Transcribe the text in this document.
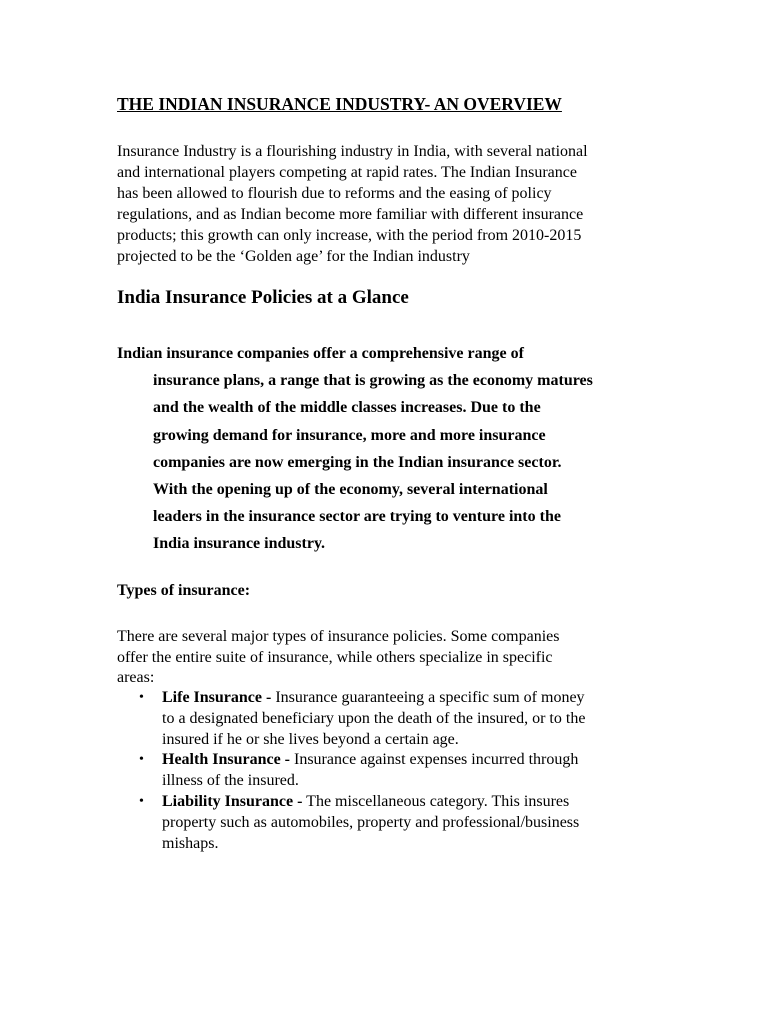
THE INDIAN INSURANCE INDUSTRY- AN OVERVIEW

Insurance Industry is a flourishing industry in India, with several national
and international players competing at rapid rates. The Indian Insurance
has been allowed to flourish due to reforms and the easing of policy
regulations, and as Indian become more familiar with different insurance
products; this growth can only increase, with the period from 2010-2015
projected to be the ‘Golden age’ for the Indian industry

India Insurance Policies at a Glance

Indian insurance companies offer a comprehensive range of
insurance plans, a range that is growing as the economy matures
and the wealth of the middle classes increases. Due to the
growing demand for insurance, more and more insurance
companies are now emerging in the Indian insurance sector.
With the opening up of the economy, several international
leaders in the insurance sector are trying to venture into the
India insurance industry.

Types of insurance:

There are several major types of insurance policies. Some companies
offer the entire suite of insurance, while others specialize in specific
areas:

• Life Insurance - Insurance guaranteeing a specific sum of money
to a designated beneficiary upon the death of the insured, or to the
insured if he or she lives beyond a certain age.
• Health Insurance - Insurance against expenses incurred through
illness of the insured.
• Liability Insurance - The miscellaneous category. This insures
property such as automobiles, property and professional/business
mishaps.
